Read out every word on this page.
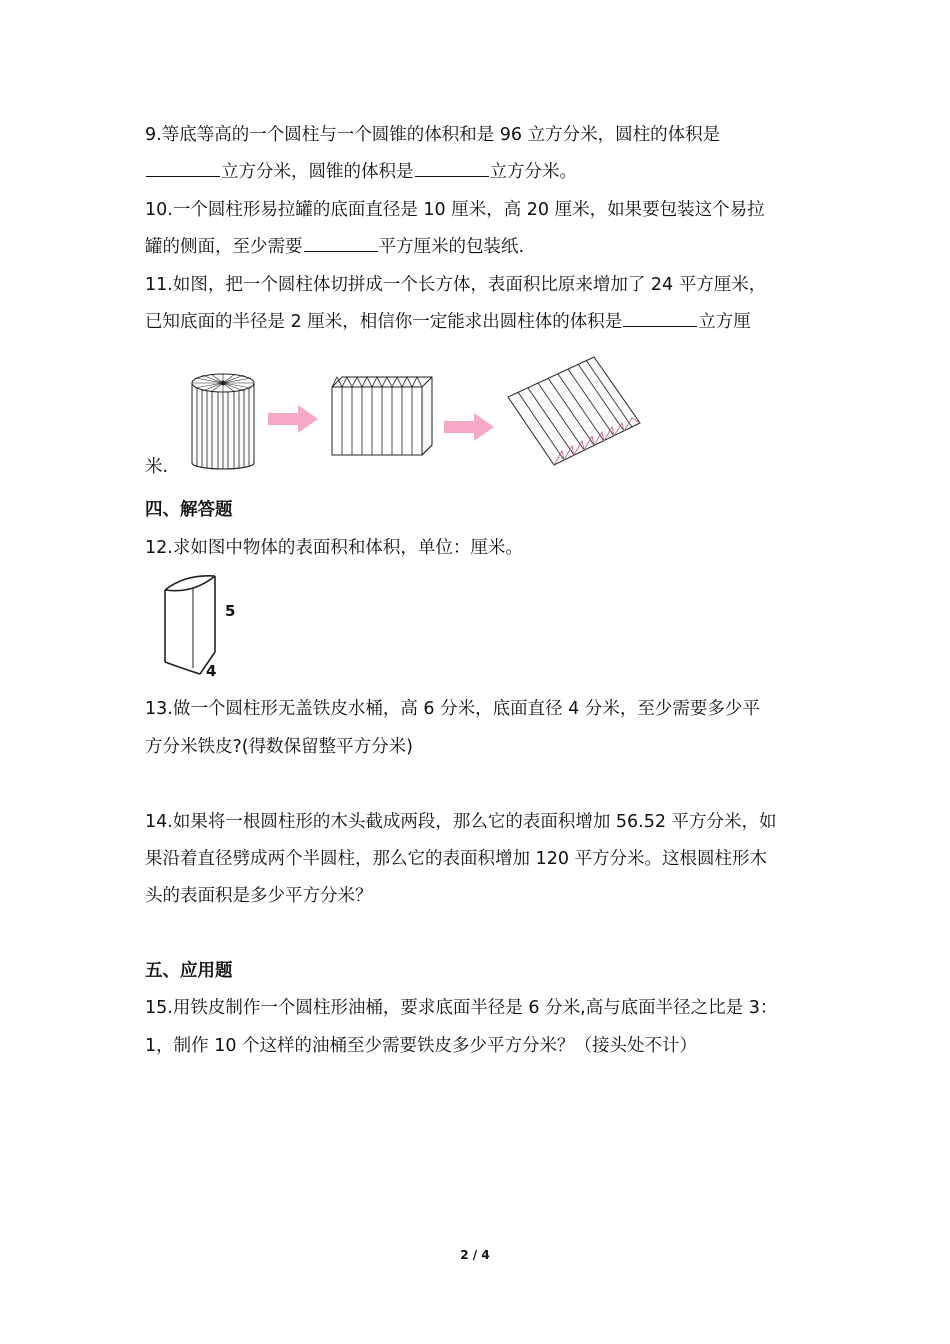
9.等底等高的一个圆柱与一个圆锥的体积和是 96 立方分米，圆柱的体积是
立方分米，圆锥的体积是	立方分米。
10.一个圆柱形易拉罐的底面直径是 10 厘米，高 20 厘米，如果要包装这个易拉
罐的侧面，至少需要	平方厘米的包装纸.
11.如图，把一个圆柱体切拼成一个长方体，表面积比原来增加了 24 平方厘米，
已知底面的半径是 2 厘米，相信你一定能求出圆柱体的体积是	立方厘
米.
四、解答题
12.求如图中物体的表面积和体积，单位：厘米。
5
4
13.做一个圆柱形无盖铁皮水桶，高 6 分米，底面直径 4 分米，至少需要多少平
方分米铁皮?(得数保留整平方分米)
14.如果将一根圆柱形的木头截成两段，那么它的表面积增加 56.52 平方分米，如
果沿着直径劈成两个半圆柱，那么它的表面积增加 120 平方分米。这根圆柱形木
头的表面积是多少平方分米？
五、应用题
15.用铁皮制作一个圆柱形油桶，要求底面半径是 6 分米,高与底面半径之比是 3：
1，制作 10 个这样的油桶至少需要铁皮多少平方分米？（接头处不计）
2 / 4
